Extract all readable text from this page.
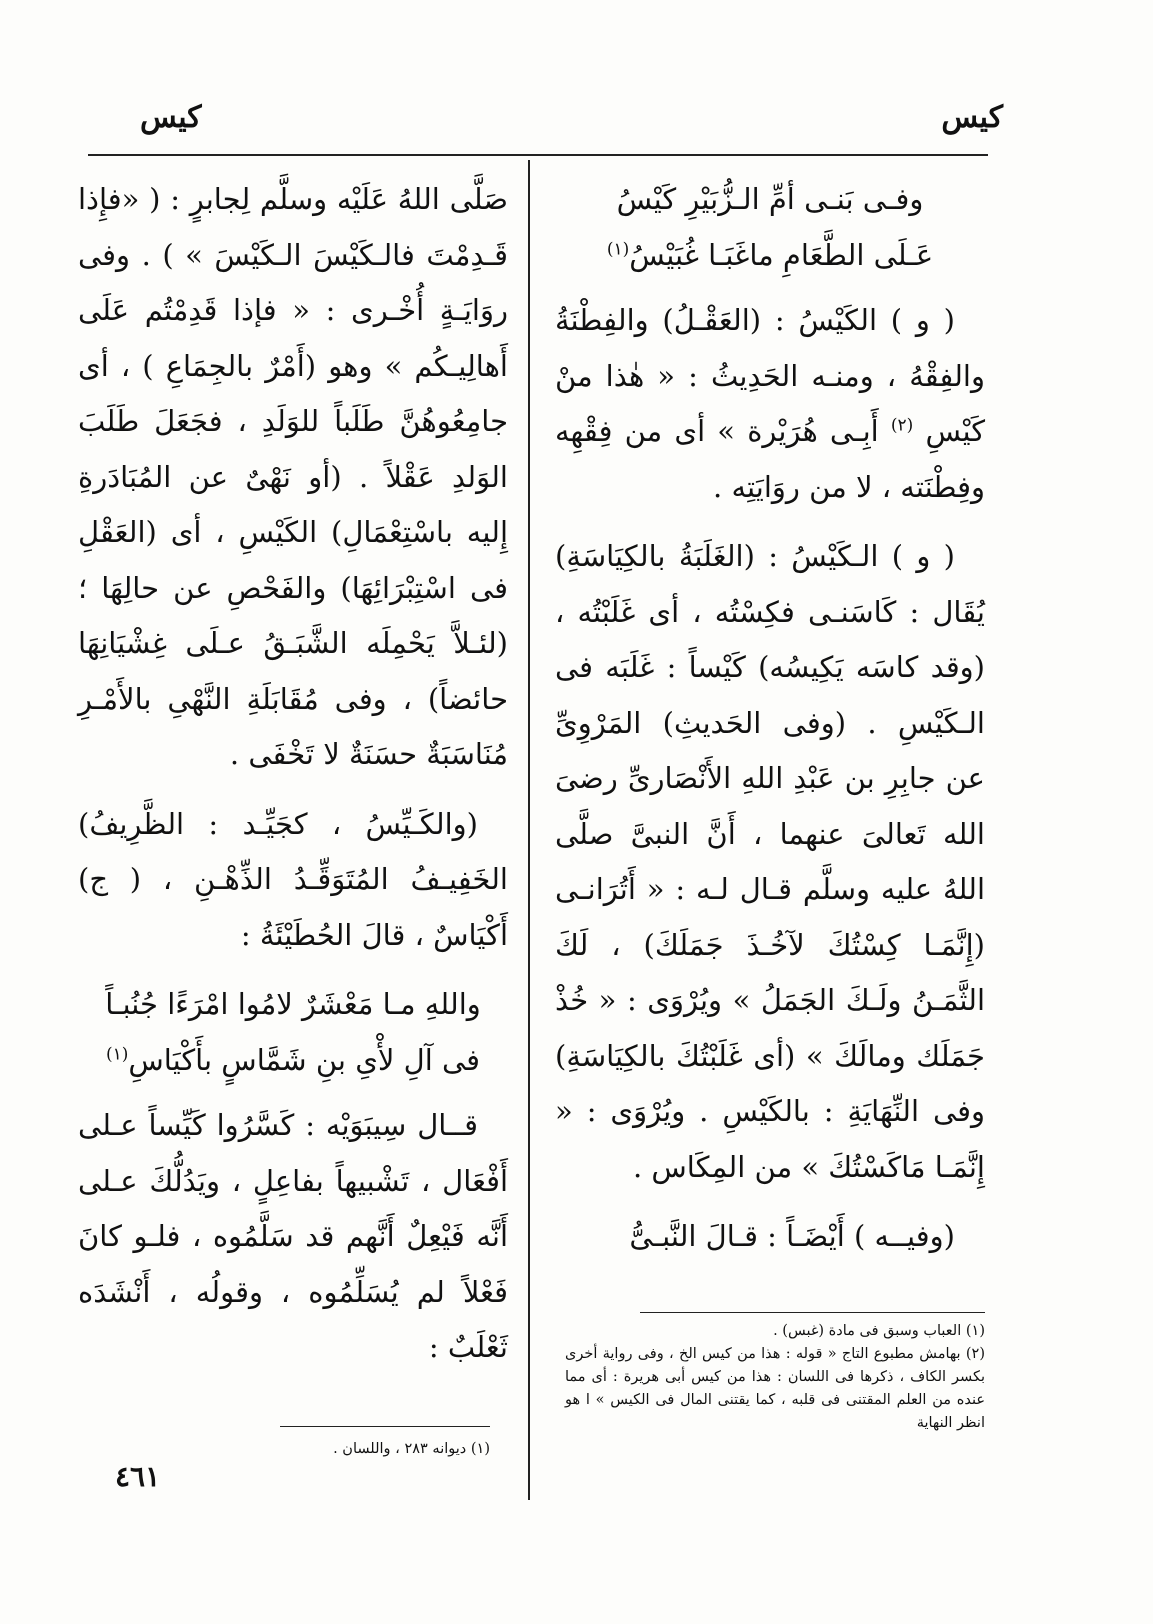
كيس
كيس
وفـى بَنـى أمِّ الـزُّبَيْرِ كَيْسُ
عَـلَى الطَّعَامِ ماغَبَـا غُبَيْسُ$^{(١)}$

( و ) الكَيْسُ : (العَقْـلُ) والفِطْنَةُ والفِقْهُ ، ومنـه الحَدِيثُ : « هٰذا منْ كَيْسِ $^{(٢)}$ أَبِـى هُرَيْرة » أى من فِقْهِه وفِطْنَته ، لا من روَايَتِه .

( و ) الـكَيْسُ : (الغَلَبَةُ بالكِيَاسَةِ) يُقَال : كَاسَنـى فكِسْتُه ، أى غَلَبْتُه ، (وقد كاسَه يَكِيسُه) كَيْساً : غَلَبَه فى الـكَيْسِ . (وفى الحَديثِ) المَرْوِىِّ عن جابِرِ بن عَبْدِ اللهِ الأَنْصَارىِّ رضىَ الله تَعالىَ عنهما ، أَنَّ النبىَّ صلَّى اللهُ عليه وسلَّم قـال لـه : « أَتُرَانـى (إِنَّمَـا كِسْتُكَ لآخُـذَ جَمَلَكَ) ، لَكَ الثَّمَـنُ ولَـكَ الجَمَلُ » ويُرْوَى : « خُذْ جَمَلَك ومالَكَ » (أى غَلَبْتُكَ بالكِيَاسَةِ) وفى النِّهَايَةِ : بالكَيْسِ . ويُرْوَى : « إِنَّمَـا مَاكَسْتُكَ » من المِكَاس .

(وفيــه ) أَيْضَـاً : قـالَ النَّبـىُّ

صَلَّى اللهُ عَلَيْه وسلَّم لِجابرٍ : ( «فإِذا قَـدِمْتَ فالـكَيْسَ الـكَيْسَ » ) . وفى روَايَـةٍ أُخْـرى : « فإذا قَدِمْتُم عَلَى أَهالِيـكُم » وهو (أَمْرٌ بالجِمَاعِ ) ، أى جامِعُوهُنَّ طَلَباً للوَلَدِ ، فجَعَلَ طَلَبَ الوَلدِ عَقْلاً . (أو نَهْىٌ عن المُبَادَرةِ إِليه باسْتِعْمَالِ) الكَيْسِ ، أى (العَقْلِ فى اسْتِبْرَائِهَا) والفَحْصِ عن حالِهَا ؛ (لئـلاَّ يَحْمِلَه الشَّبَـقُ عـلَى غِشْيَانِهَا حائضاً) ، وفى مُقَابَلَةِ النَّهْىِ بالأَمْـرِ مُنَاسَبَةٌ حسَنَةٌ لا تَخْفَى .

(والكَـيِّسُ ، كجَيِّـد : الظَّرِيفُ) الخَفِيـفُ المُتَوَقِّـدُ الذِّهْـنِ ، ( ج) أَكْيَاسٌ ، قالَ الحُطَيْئَةُ :

واللهِ مـا مَعْشَرٌ لامُوا امْرَءًا جُنُبـاً
فى آلِ لأْىِ بنِ شَمَّاسٍ بأَكْيَاسِ$^{(١)}$

قــال سِيبَوَيْه : كَسَّرُوا كَيِّساً عـلى أَفْعَال ، تَشْبيهاً بفاعِلٍ ، ويَدُلُّكَ عـلى أَنَّه فَيْعِلٌ أَنَّهم قد سَلَّمُوه ، فلـو كانَ فَعْلاً لم يُسَلِّمُوه ، وقولُه ، أَنْشَدَه ثَعْلَبٌ :	(١) العباب وسبق فى مادة (غبس) .

(٢) بهامش مطبوع التاج « قوله : هذا من كيس الخ ، وفى رواية أخرى بكسر الكاف ، ذكرها فى اللسان : هذا من كيس أبى هريرة : أى مما عنده من العلم المقتنى فى قلبه ، كما يقتنى المال فى الكيس » ا هو انظر النهاية

(١) ديوانه ٢٨٣ ، واللسان .

٤٦١
